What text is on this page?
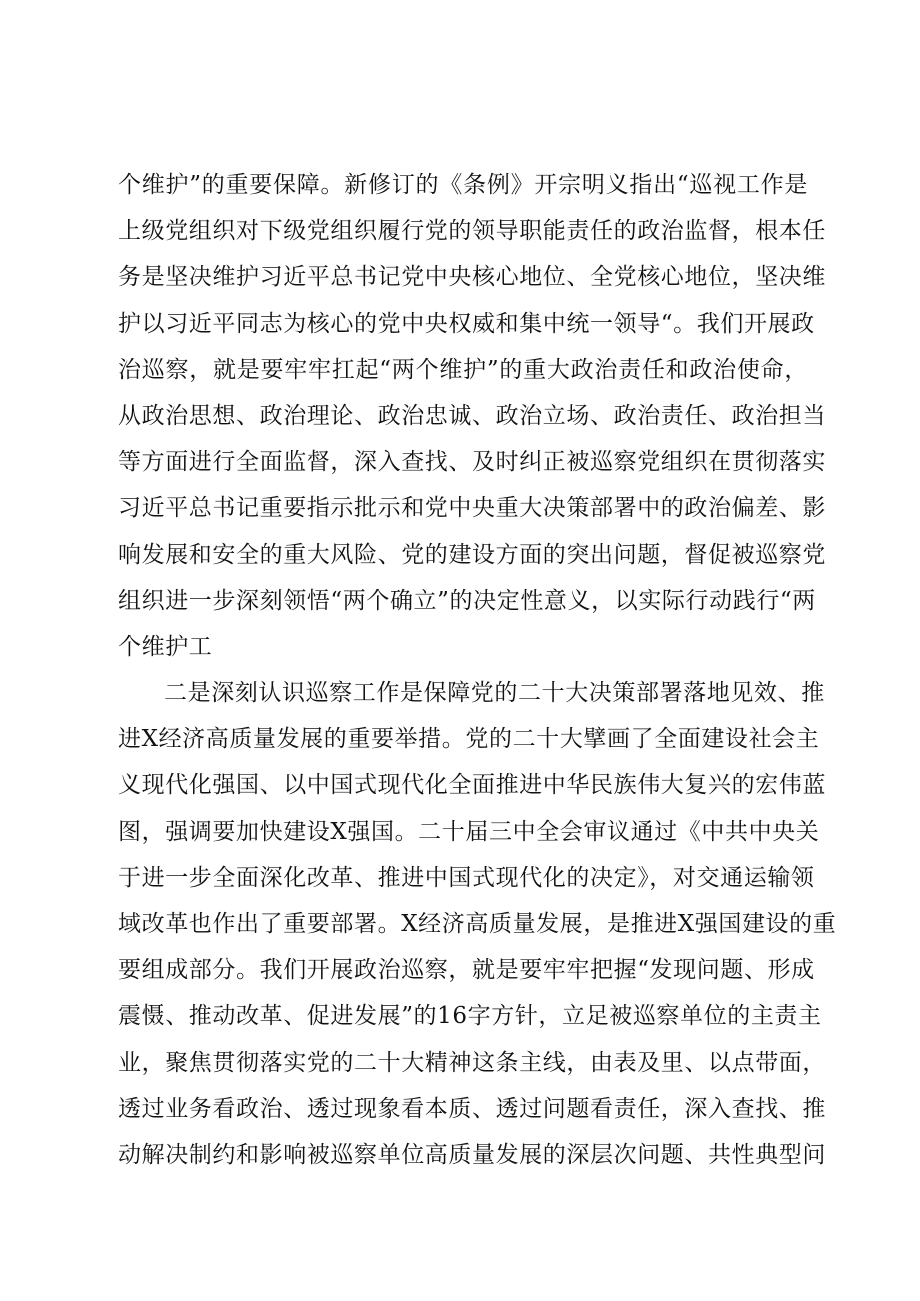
个维护”的重要保障。新修订的《条例》开宗明义指出“巡视工作是
上级党组织对下级党组织履行党的领导职能责任的政治监督，根本任
务是坚决维护习近平总书记党中央核心地位、全党核心地位，坚决维
护以习近平同志为核心的党中央权威和集中统一领导“。我们开展政
治巡察，就是要牢牢扛起“两个维护”的重大政治责任和政治使命，
从政治思想、政治理论、政治忠诚、政治立场、政治责任、政治担当
等方面进行全面监督，深入查找、及时纠正被巡察党组织在贯彻落实
习近平总书记重要指示批示和党中央重大决策部署中的政治偏差、影
响发展和安全的重大风险、党的建设方面的突出问题，督促被巡察党
组织进一步深刻领悟“两个确立”的决定性意义，以实际行动践行“两
个维护工
二是深刻认识巡察工作是保障党的二十大决策部署落地见效、推
进X经济高质量发展的重要举措。党的二十大擘画了全面建设社会主
义现代化强国、以中国式现代化全面推进中华民族伟大复兴的宏伟蓝
图，强调要加快建设X强国。二十届三中全会审议通过《中共中央关
于进一步全面深化改革、推进中国式现代化的决定》，对交通运输领
域改革也作出了重要部署。X经济高质量发展，是推进X强国建设的重
要组成部分。我们开展政治巡察，就是要牢牢把握“发现问题、形成
震慑、推动改革、促进发展”的16字方针，立足被巡察单位的主责主
业，聚焦贯彻落实党的二十大精神这条主线，由表及里、以点带面，
透过业务看政治、透过现象看本质、透过问题看责任，深入查找、推
动解决制约和影响被巡察单位高质量发展的深层次问题、共性典型问
